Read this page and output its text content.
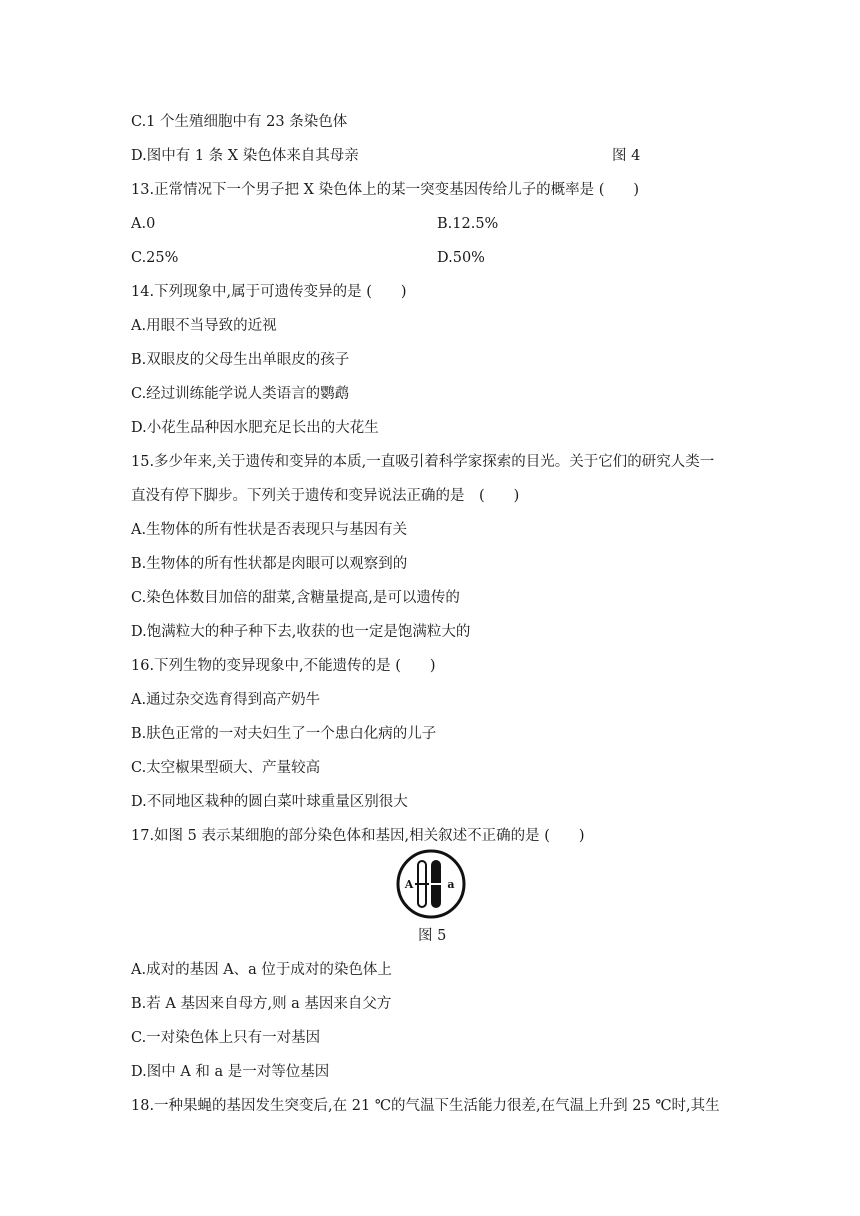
C.1 个生殖细胞中有 23 条染色体
D.图中有 1 条 X 染色体来自其母亲	图 4
13.正常情况下一个男子把 X 染色体上的某一突变基因传给儿子的概率是 (　　)
A.0	B.12.5%
C.25%	D.50%
14.下列现象中,属于可遗传变异的是 (　　)
A.用眼不当导致的近视
B.双眼皮的父母生出单眼皮的孩子
C.经过训练能学说人类语言的鹦鹉
D.小花生品种因水肥充足长出的大花生
15.多少年来,关于遗传和变异的本质,一直吸引着科学家探索的目光。关于它们的研究人类一
直没有停下脚步。下列关于遗传和变异说法正确的是　(　　)
A.生物体的所有性状是否表现只与基因有关
B.生物体的所有性状都是肉眼可以观察到的
C.染色体数目加倍的甜菜,含糖量提高,是可以遗传的
D.饱满粒大的种子种下去,收获的也一定是饱满粒大的
16.下列生物的变异现象中,不能遗传的是 (　　)
A.通过杂交选育得到高产奶牛
B.肤色正常的一对夫妇生了一个患白化病的儿子
C.太空椒果型硕大、产量较高
D.不同地区栽种的圆白菜叶球重量区别很大
17.如图 5 表示某细胞的部分染色体和基因,相关叙述不正确的是 (　　)
A	a
图 5
A.成对的基因 A、a 位于成对的染色体上
B.若 A 基因来自母方,则 a 基因来自父方
C.一对染色体上只有一对基因
D.图中 A 和 a 是一对等位基因
18.一种果蝇的基因发生突变后,在 21 ℃的气温下生活能力很差,在气温上升到 25 ℃时,其生
